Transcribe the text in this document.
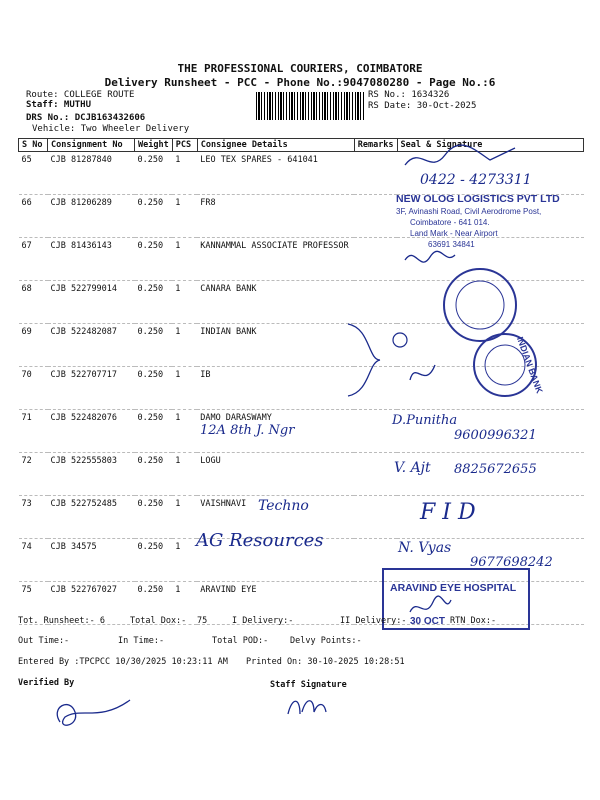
THE PROFESSIONAL COURIERS, COIMBATORE
Delivery Runsheet - PCC - Phone No.:9047080280 - Page No.:6
Route: COLLEGE ROUTE
Staff: MUTHU
DRS No.: DCJB163432606
Vehicle: Two Wheeler Delivery
RS No.: 1634326
RS Date: 30-Oct-2025
S No	Consignment No	Weight	PCS	Consignee Details	Remarks	Seal & Signature
65	CJB 81287840	0.250	1	LEO TEX SPARES - 641041		
66	CJB 81206289	0.250	1	FR8		
67	CJB 81436143	0.250	1	KANNAMMAL ASSOCIATE PROFESSOR		
68	CJB 522799014	0.250	1	CANARA BANK		
69	CJB 522482087	0.250	1	INDIAN BANK		
70	CJB 522707717	0.250	1	IB		
71	CJB 522482076	0.250	1	DAMO DARASWAMY		
72	CJB 522555803	0.250	1	LOGU		
73	CJB 522752485	0.250	1	VAISHNAVI		
74	CJB 34575	0.250	1			
75	CJB 522767027	0.250	1	ARAVIND EYE		
0422 - 4273311
12A 8th J. Ngr
D.Punitha
9600996321
V. Ajt 8825672655
Techno	F I D
AG Resources	N. Vyas
9677698242
NEW OLOG LOGISTICS PVT LTD
3F, Avinashi Road, Civil Aerodrome Post,
Coimbatore - 641 014.
Land Mark - Near Airport
63691 34841
INDIAN BANK
ARAVIND EYE HOSPITAL
30 OCT
Tot. Runsheet:- 6	Total Dox:- 75	I Delivery:-	II Delivery:-	RTN Dox:-
Out Time:-	In Time:-	Total POD:-	Delvy Points:-
Entered By :TPCPCC 10/30/2025 10:23:11 AM Printed On: 30-10-2025 10:28:51
Verified By	Staff Signature
